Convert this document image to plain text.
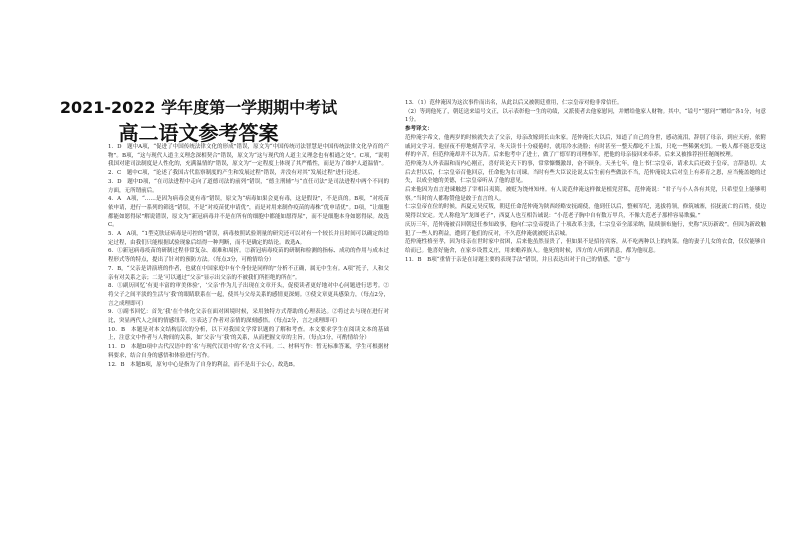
2021-2022 学年度第一学期期中考试
高二语文参考答案

1．D　题中A项，“促进了中国传统法律文化的形成”错误，原文为“中国传统司法智慧是中国传统法律文化孕育的产物”。B项，“这与现代人道主义理念深相契合”错误，原文为“这与现代的人道主义理念也有相通之处”。C项，“说明我国对建司法制度是人性化的，充满温情的”错误，原文为“一定程度上体现了其严酷性，而是为了维护人道温情”。

2．C　题中C项，“论述了我国古代监察制度的产生和发展过程”错误，并没有对其“发展过程”进行论述。

3．D　题中D项，“在司法进程中走向了道德司法的前列”错误，“德主刑辅”与“直任司法”是司法进程中两个不同的方面，无所谓前后。

4．A　A项，“……是因为病毒会更有毒”错误，原文为“病毒如果会更有毒，这是假设”，不是真的。B项，“对疫苗依申请，进行一系列的筛选”错误，不是“对疫苗优申请优”，而是对用来制作疫苗的毒株“优申请优”。D项，“让细胞都能如愿得尿”解说错误，原文为“新冠病毒并不是在所有的细胞中都能如愿得尿”，而不是细胞本身如愿得尿。故选C。

5．A　A项，“1型克肤证病毒是可控的”错误，病毒按照试验剂量的研究还可以对有一个较长并且时间可以确定的给定过程，由我们只能根据试验现象后结得一种判断，而不是确定的结论。故选A。

6．①新冠病毒疫苗的研制过程非常复杂、艰难和周折。②新冠病毒疫苗的研制和检测的指标、成功的作用与成本过程形式等的特点，提出了针对的预防方法。（每点3分，可酌情给分）

7．B，“父亲是讲演班的作者，也就在中国家庭中有个身份是同样的”分析不正确，属无中生有。A项“托子，人和父亲有对关系之亲；二是‘可以通过“父亲”显示出父亲的不被我们所拒绝的所在”。

8．①副历回忆‘有更丰富的审美体验’，‘父亲’作为儿子出现在文章开头，促使读者更好地对中心问题进行思考。②将父子之间平淡的生活与‘我’的眼睛联系在一起，使其与父母关系的感情更深刻。③使文章更具感染力，（每点2分，言之成理即可）

9．①副书回忆：首先‘我’在个体化父亲在面对困境时候，采用独特方式帮助的心理表达。②将过去与现在进行对比，突显两代人之间的情感纽带。③表达了作者对亲情的深刻感悟。（每点2分，言之成理即可）

10．B　本题是对本文结构层次的分析，以下对我国文学常识题的了解和考查。本文要求学生在阅读文本的基础上，注意文中作者与人物间的关系，如‘父亲’与‘我’的关系，从而把握文章的主旨。（每点3分，可酌情给分）

11．D　本题D项中古代汉语中的‘名’与现代汉语中的‘名’含义不同。二、材料写作：暂无标准答案，学生可根据材料要求，结合自身的感悟和体验进行写作。

12．B　本题B项，原句中心是指为了自身的利益，而不是出于公心，故选B。

13．（1）范仲淹因为这次事件而出名，从此以后又被朝廷重用，仁宗皇帝对他非常信任。

（2）等到他死了，朝廷送来谥号文正，以示表彰他一生的功绩，又派使者去他家慰问，并赠给他家人财物。其中，“谥号”“慰问”“赠给”各1分，句意1分。

参考译文：

范仲淹字希文，他两岁的时候就失去了父亲，母亲改嫁到长山朱家。范仲淹长大以后，知道了自己的身世，感动流泪，辞别了母亲，到应天府，依附戚同文学习。他昼夜不停地刻苦学习，冬天读书十分疲倦时，就用冷水浇脸；有时甚至一整天都吃不上饭，只吃一些稀粥充饥。一般人都不能忍受这样的辛苦，但范仲淹却并不以为苦。后来他考中了进士，做了广德军的司理参军，把他的母亲接回来奉养。后来又被推荐担任秘阁校理。

范仲淹为人外表温和而内心刚正，喜好谈论天下的事，常常慷慨激昂，奋不顾身。天圣七年，他上书仁宗皇帝，请求太后还政于皇帝，言辞恳切。太后去世以后，仁宗皇帝召他回京，任命他为右司谏。当时有些大臣议论说太后生前有些做法不当，范仲淹说太后对皇上有养育之恩，应当掩盖她的过失，以成全她的美德，仁宗皇帝听从了他的意见。

后来他因为直言进谏触怒了宰相吕夷简，被贬为饶州知州。有人说范仲淹这样做是植党营私，范仲淹说：“君子与小人各有其党，只希望皇上能够明察。”当时的人都称赞他是敢于直言的人。

仁宗皇帝在位的时候，西夏元昊反叛，朝廷任命范仲淹为陕西经略安抚副使，他到任以后，整顿军纪，选拔将领，修筑城寨，招抚流亡的百姓，使边境得以安定。羌人称他为“龙图老子”，西夏人也互相告诫说：“小范老子胸中自有数万甲兵，不像大范老子那样容易欺骗。”

庆历三年，范仲淹被召回朝廷任参知政事，他向仁宗皇帝提出了十项改革主张，仁宗皇帝全部采纳，陆续颁布施行，史称“庆历新政”。但因为新政触犯了一些人的利益，遭到了他们的反对，不久范仲淹就被贬出京城。

范仲淹性格至孝，因为母亲在世时家中贫困，后来他虽然显贵了，但如果不是招待宾客，从不吃两种以上的肉菜。他的妻子儿女的衣食，仅仅能够自给而已。他喜好施舍，在家乡设置义庄，用来赡养族人。他死的时候，四方的人听到消息，都为他叹息。

11．B　B项“重情于亲是在诗题主要的表现手法”错误，并且表达出对于自己的情感，“意”与
